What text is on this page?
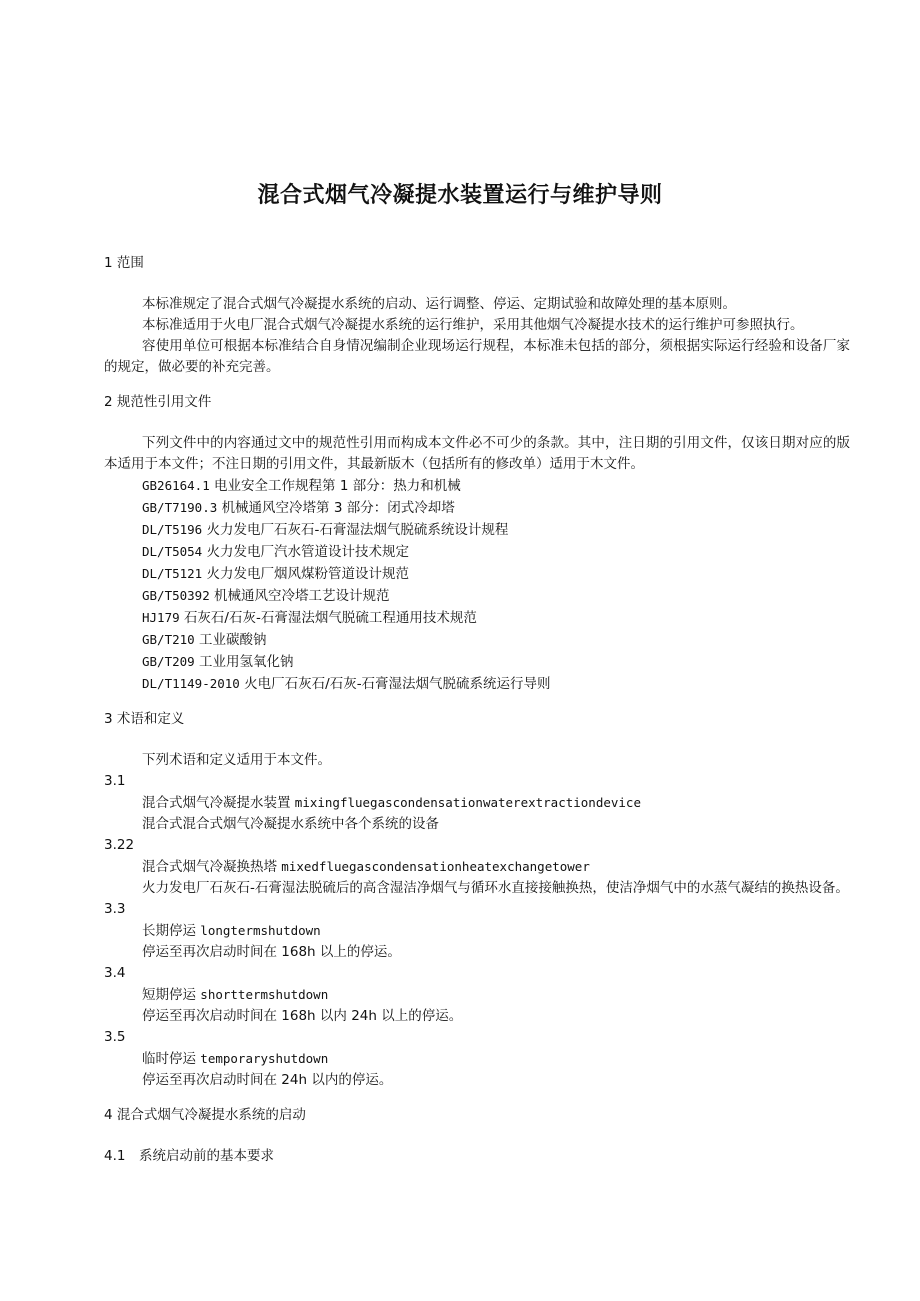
混合式烟气冷凝提水装置运行与维护导则

1 范围

本标准规定了混合式烟气冷凝提水系统的启动、运行调整、停运、定期试验和故障处理的基本原则。

本标准适用于火电厂混合式烟气冷凝提水系统的运行维护，采用其他烟气冷凝提水技术的运行维护可参照执行。

容使用单位可根据本标准结合自身情况编制企业现场运行规程，本标准未包括的部分，须根据实际运行经验和设备厂家的规定，做必要的补充完善。

2 规范性引用文件

下列文件中的内容通过文中的规范性引用而构成本文件必不可少的条款。其中，注日期的引用文件，仅该日期对应的版本适用于本文件；不注日期的引用文件，其最新版木（包括所有的修改单）适用于木文件。

GB26164.1 电业安全工作规程第 1 部分：热力和机械

GB/T7190.3 机械通风空冷塔第 3 部分：闭式冷却塔

DL/T5196 火力发电厂石灰石-石膏湿法烟气脱硫系统设计规程

DL/T5054 火力发电厂汽水管道设计技术规定

DL/T5121 火力发电厂烟风煤粉管道设计规范

GB/T50392 机械通风空冷塔工艺设计规范

HJ179 石灰石/石灰-石膏湿法烟气脱硫工程通用技术规范

GB/T210 工业碳酸钠

GB/T209 工业用氢氧化钠

DL/T1149-2010 火电厂石灰石/石灰-石膏湿法烟气脱硫系统运行导则

3 术语和定义

下列术语和定义适用于本文件。

3.1

混合式烟气冷凝提水装置 mixingfluegascondensationwaterextractiondevice

混合式混合式烟气冷凝提水系统中各个系统的设备

3.22

混合式烟气冷凝换热塔 mixedfluegascondensationheatexchangetower

火力发电厂石灰石-石膏湿法脱硫后的高含湿洁净烟气与循环水直接接触换热，使洁净烟气中的水蒸气凝结的换热设备。

3.3

长期停运 longtermshutdown

停运至再次启动时间在 168h 以上的停运。

3.4

短期停运 shorttermshutdown

停运至再次启动时间在 168h 以内 24h 以上的停运。

3.5

临时停运 temporaryshutdown

停运至再次启动时间在 24h 以内的停运。

4 混合式烟气冷凝提水系统的启动

4.1　系统启动前的基本要求
